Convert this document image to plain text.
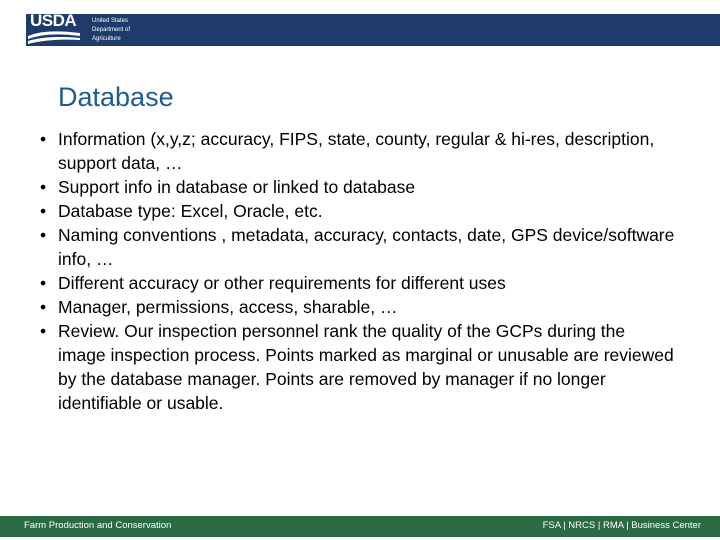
USDA	United States
Department of
Agriculture
Database
• Information (x,y,z; accuracy, FIPS, state, county, regular & hi-res, description, support data, …
• Support info in database or linked to database
• Database type: Excel, Oracle, etc.
• Naming conventions , metadata, accuracy, contacts, date, GPS device/software info, …
• Different accuracy or other requirements for different uses
• Manager, permissions, access, sharable, …
• Review. Our inspection personnel rank the quality of the GCPs during the image inspection process. Points marked as marginal or unusable are reviewed by the database manager. Points are removed by manager if no longer identifiable or usable.
Farm Production and Conservation	FSA | NRCS | RMA | Business Center
